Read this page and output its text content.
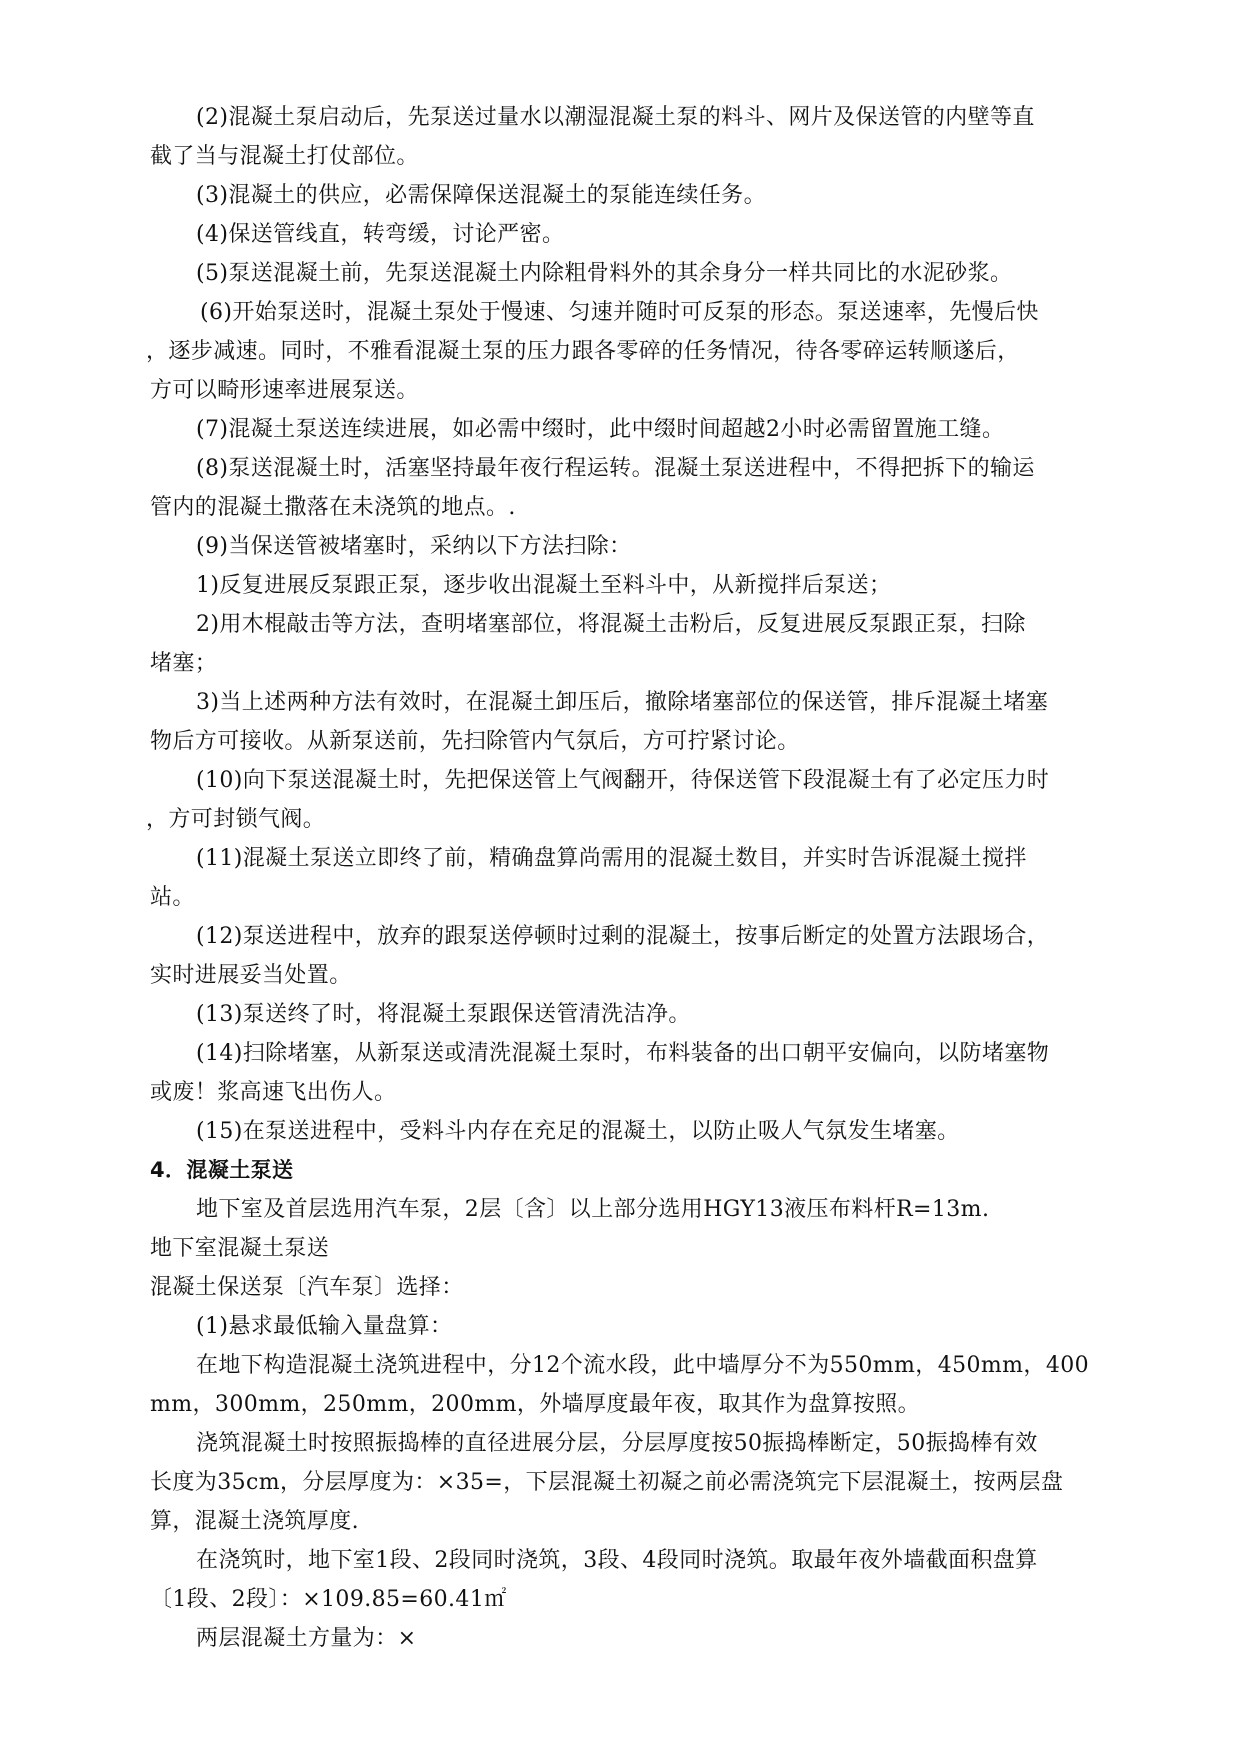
(2)混凝土泵启动后，先泵送过量水以潮湿混凝土泵的料斗、网片及保送管的内壁等直
截了当与混凝土打仗部位。
(3)混凝土的供应，必需保障保送混凝土的泵能连续任务。
(4)保送管线直，转弯缓，讨论严密。
(5)泵送混凝土前，先泵送混凝土内除粗骨料外的其余身分一样共同比的水泥砂浆。
(6)开始泵送时，混凝土泵处于慢速、匀速并随时可反泵的形态。泵送速率，先慢后快
，逐步减速。同时，不雅看混凝土泵的压力跟各零碎的任务情况，待各零碎运转顺遂后，
方可以畸形速率进展泵送。
(7)混凝土泵送连续进展，如必需中缀时，此中缀时间超越2小时必需留置施工缝。
(8)泵送混凝土时，活塞坚持最年夜行程运转。混凝土泵送进程中，不得把拆下的输运
管内的混凝土撒落在未浇筑的地点。.
(9)当保送管被堵塞时，采纳以下方法扫除：
1)反复进展反泵跟正泵，逐步收出混凝土至料斗中，从新搅拌后泵送；
2)用木棍敲击等方法，查明堵塞部位，将混凝土击粉后，反复进展反泵跟正泵，扫除
堵塞；
3)当上述两种方法有效时，在混凝土卸压后，撤除堵塞部位的保送管，排斥混凝土堵塞
物后方可接收。从新泵送前，先扫除管内气氛后，方可拧紧讨论。
(10)向下泵送混凝土时，先把保送管上气阀翻开，待保送管下段混凝土有了必定压力时
，方可封锁气阀。
(11)混凝土泵送立即终了前，精确盘算尚需用的混凝土数目，并实时告诉混凝土搅拌
站。
(12)泵送进程中，放弃的跟泵送停顿时过剩的混凝土，按事后断定的处置方法跟场合，
实时进展妥当处置。
(13)泵送终了时，将混凝土泵跟保送管清洗洁净。
(14)扫除堵塞，从新泵送或清洗混凝土泵时，布料装备的出口朝平安偏向，以防堵塞物
或废！浆高速飞出伤人。
(15)在泵送进程中，受料斗内存在充足的混凝土，以防止吸人气氛发生堵塞。
4．混凝土泵送
地下室及首层选用汽车泵，2层〔含〕以上部分选用HGY13液压布料杆R=13m.
地下室混凝土泵送
混凝土保送泵〔汽车泵〕选择：
(1)悬求最低输入量盘算：
在地下构造混凝土浇筑进程中，分12个流水段，此中墙厚分不为550mm，450mm，400
mm，300mm，250mm，200mm，外墙厚度最年夜，取其作为盘算按照。
浇筑混凝土时按照振捣棒的直径进展分层，分层厚度按50振捣棒断定，50振捣棒有效
长度为35cm，分层厚度为：×35=，下层混凝土初凝之前必需浇筑完下层混凝土，按两层盘
算，混凝土浇筑厚度.
在浇筑时，地下室1段、2段同时浇筑，3段、4段同时浇筑。取最年夜外墙截面积盘算
〔1段、2段〕：×109.85=60.41㎡
两层混凝土方量为：×
